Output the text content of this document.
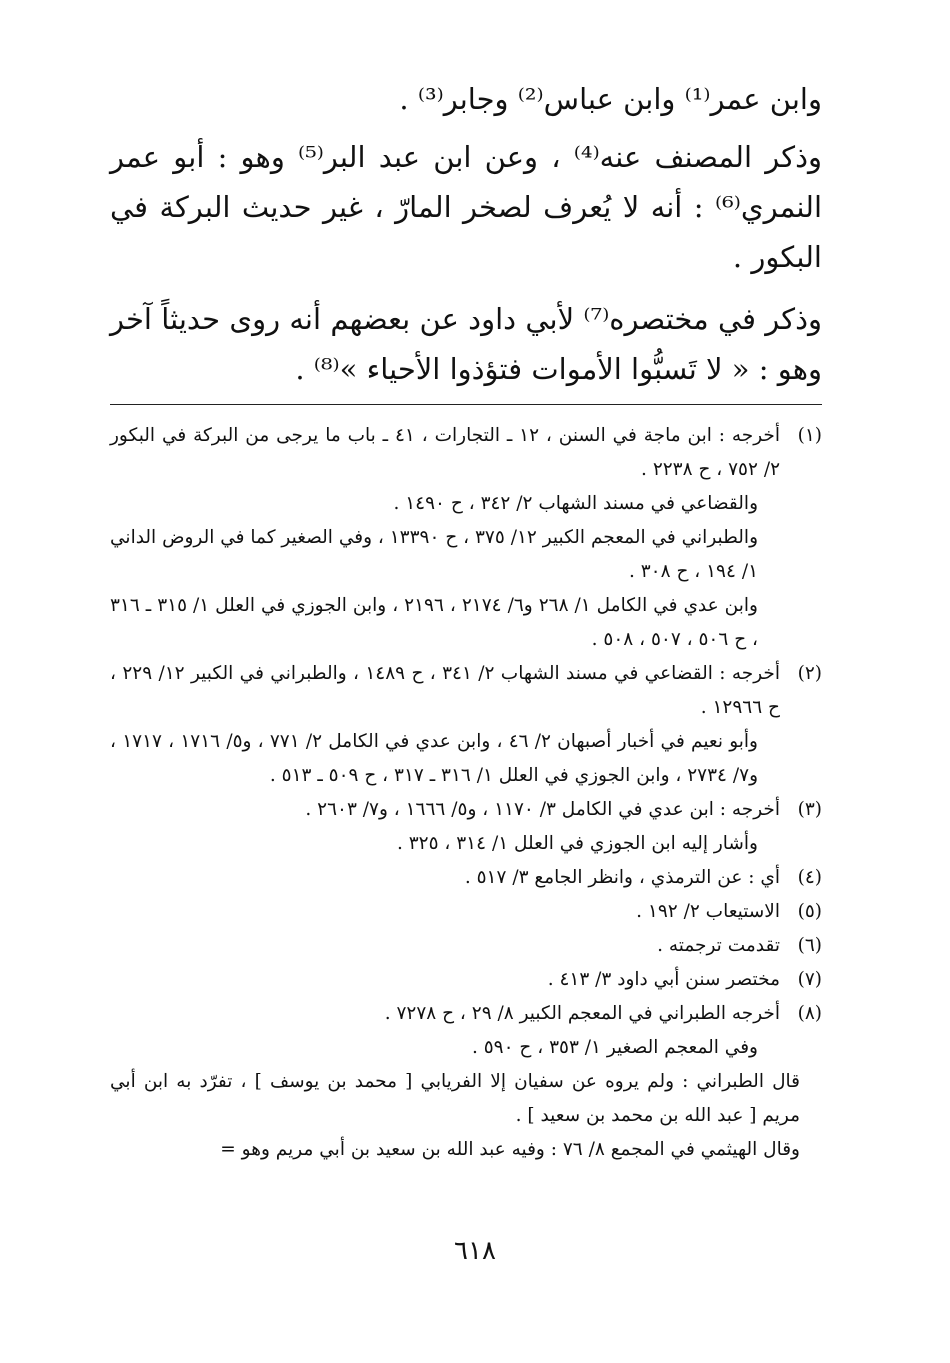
وابن عمر⁽¹⁾ وابن عباس⁽²⁾ وجابر⁽³⁾ .

وذكر المصنف عنه⁽⁴⁾ ، وعن ابن عبد البر⁽⁵⁾ وهو : أبو عمر النمري⁽⁶⁾ : أنه لا يُعرف لصخر المارّ ، غير حديث البركة في البكور .

وذكر في مختصره⁽⁷⁾ لأبي داود عن بعضهم أنه روى حديثاً آخر وهو : « لا تَسبُّوا الأموات فتؤذوا الأحياء »⁽⁸⁾ .

(١)
أخرجه : ابن ماجة في السنن ، ١٢ ـ التجارات ، ٤١ ـ باب ما يرجى من البركة في البكور ٢/ ٧٥٢ ، ح ٢٢٣٨ .
والقضاعي في مسند الشهاب ٢/ ٣٤٢ ، ح ١٤٩٠ .
والطبراني في المعجم الكبير ١٢/ ٣٧٥ ، ح ١٣٣٩٠ ، وفي الصغير كما في الروض الداني ١/ ١٩٤ ، ح ٣٠٨ .
وابن عدي في الكامل ١/ ٢٦٨ و٦/ ٢١٧٤ ، ٢١٩٦ ، وابن الجوزي في العلل ١/ ٣١٥ ـ ٣١٦ ، ح ٥٠٦ ، ٥٠٧ ، ٥٠٨ .
(٢)
أخرجه : القضاعي في مسند الشهاب ٢/ ٣٤١ ، ح ١٤٨٩ ، والطبراني في الكبير ١٢/ ٢٢٩ ، ح ١٢٩٦٦ .
وأبو نعيم في أخبار أصبهان ٢/ ٤٦ ، وابن عدي في الكامل ٢/ ٧٧١ ، و٥/ ١٧١٦ ، ١٧١٧ ، و٧/ ٢٧٣٤ ، وابن الجوزي في العلل ١/ ٣١٦ ـ ٣١٧ ، ح ٥٠٩ ـ ٥١٣ .
(٣)
أخرجه : ابن عدي في الكامل ٣/ ١١٧٠ ، و٥/ ١٦٦٦ ، و٧/ ٢٦٠٣ .
وأشار إليه ابن الجوزي في العلل ١/ ٣١٤ ، ٣٢٥ .
(٤)
أي : عن الترمذي ، وانظر الجامع ٣/ ٥١٧ .
(٥)
الاستيعاب ٢/ ١٩٢ .
(٦)
تقدمت ترجمته .
(٧)
مختصر سنن أبي داود ٣/ ٤١٣ .
(٨)
أخرجه الطبراني في المعجم الكبير ٨/ ٢٩ ، ح ٧٢٧٨ .
وفي المعجم الصغير ١/ ٣٥٣ ، ح ٥٩٠ .
قال الطبراني : ولم يروه عن سفيان إلا الفريابي [ محمد بن يوسف ] ، تفرّد به ابن أبي مريم [ عبد الله بن محمد بن سعيد ] .
وقال الهيثمي في المجمع ٨/ ٧٦ : وفيه عبد الله بن سعيد بن أبي مريم وهو =
٦١٨
